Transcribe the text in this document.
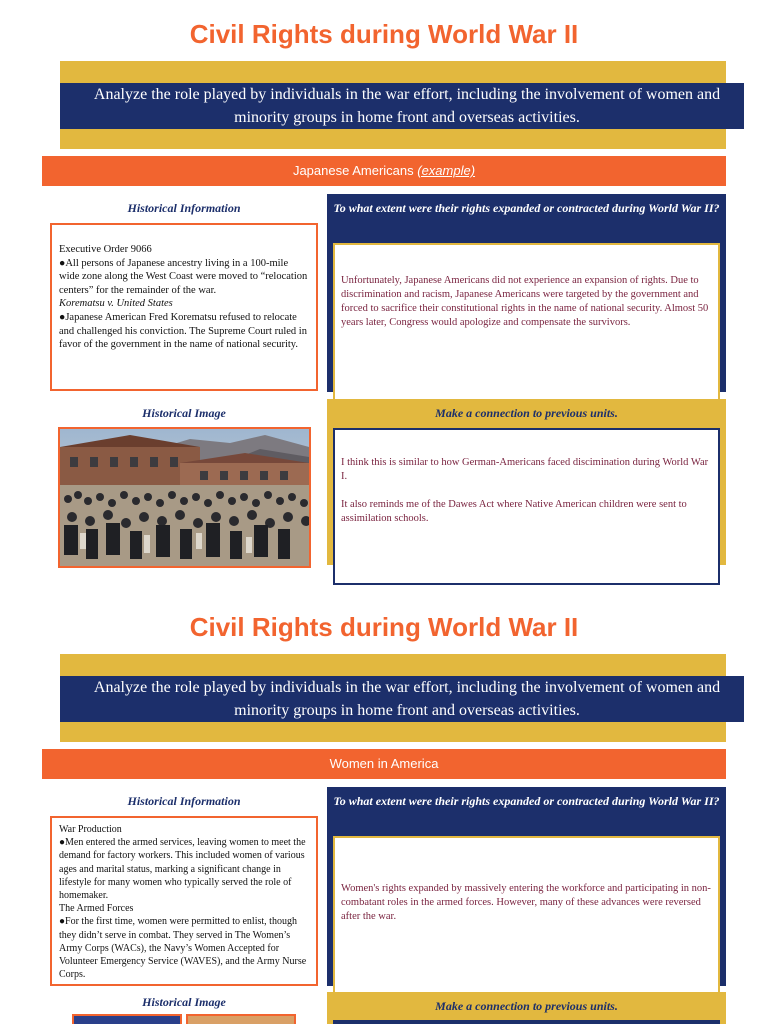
Civil Rights during World War II
Analyze the role played by individuals in the war effort, including the involvement of women and minority groups in home front and overseas activities.
Japanese Americans (example)
Historical Information

Executive Order 9066

●All persons of Japanese ancestry living in a 100-mile wide zone along the West Coast were moved to “relocation centers” for the remainder of the war.

Korematsu v. United States

●Japanese American Fred Korematsu refused to relocate and challenged his conviction. The Supreme Court ruled in favor of the government in the name of national security.

To what extent were their rights expanded or contracted during World War II?
Unfortunately, Japanese Americans did not experience an expansion of rights. Due to discrimination and racism, Japanese Americans were targeted by the government and forced to sacrifice their constitutional rights in the name of national security. Almost 50 years later, Congress would apologize and compensate the survivors.
Historical Image	Make a connection to previous units.

I think this is similar to how German-Americans faced discimination during World War I.

It also reminds me of the Dawes Act where Native American children were sent to assimilation schools.

Civil Rights during World War II
Analyze the role played by individuals in the war effort, including the involvement of women and minority groups in home front and overseas activities.
Women in America
Historical Information

War Production

●Men entered the armed services, leaving women to meet the demand for factory workers. This included women of various ages and marital status, marking a significant change in lifestyle for many women who typically served the role of homemaker.

The Armed Forces

●For the first time, women were permitted to enlist, though they didn’t serve in combat. They served in The Women’s Army Corps (WACs), the Navy’s Women Accepted for Volunteer Emergency Service (WAVES), and the Army Nurse Corps.

To what extent were their rights expanded or contracted during World War II?
Women's rights expanded by massively entering the workforce and participating in non-combatant roles in the armed forces. However, many of these advances were reversed after the war.
Historical Image	Make a connection to previous units.
